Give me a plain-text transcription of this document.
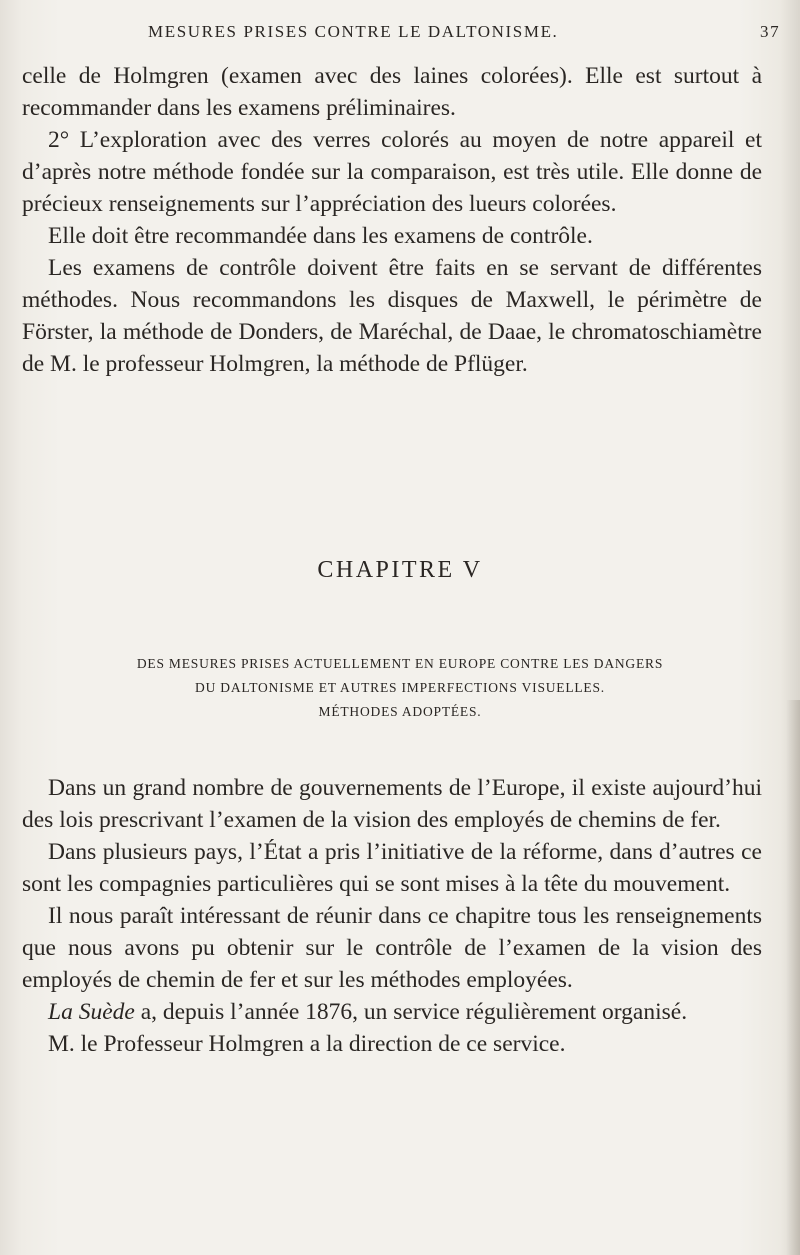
MESURES PRISES CONTRE LE DALTONISME.	37

celle de Holmgren (examen avec des laines colorées). Elle est surtout à recommander dans les examens préliminaires.

2° L’exploration avec des verres colorés au moyen de notre appareil et d’après notre méthode fondée sur la comparaison, est très utile. Elle donne de précieux renseignements sur l’appréciation des lueurs colorées.

Elle doit être recommandée dans les examens de contrôle.

Les examens de contrôle doivent être faits en se servant de différentes méthodes. Nous recommandons les disques de Maxwell, le périmètre de Förster, la méthode de Donders, de Maréchal, de Daae, le chromatoschiamètre de M. le professeur Holmgren, la méthode de Pflüger.

CHAPITRE V
DES MESURES PRISES ACTUELLEMENT EN EUROPE CONTRE LES DANGERS
DU DALTONISME ET AUTRES IMPERFECTIONS VISUELLES.
MÉTHODES ADOPTÉES.

Dans un grand nombre de gouvernements de l’Europe, il existe aujourd’hui des lois prescrivant l’examen de la vision des employés de chemins de fer.

Dans plusieurs pays, l’État a pris l’initiative de la réforme, dans d’autres ce sont les compagnies particulières qui se sont mises à la tête du mouvement.

Il nous paraît intéressant de réunir dans ce chapitre tous les renseignements que nous avons pu obtenir sur le contrôle de l’examen de la vision des employés de chemin de fer et sur les méthodes employées.

La Suède a, depuis l’année 1876, un service régulièrement organisé.

M. le Professeur Holmgren a la direction de ce service.
